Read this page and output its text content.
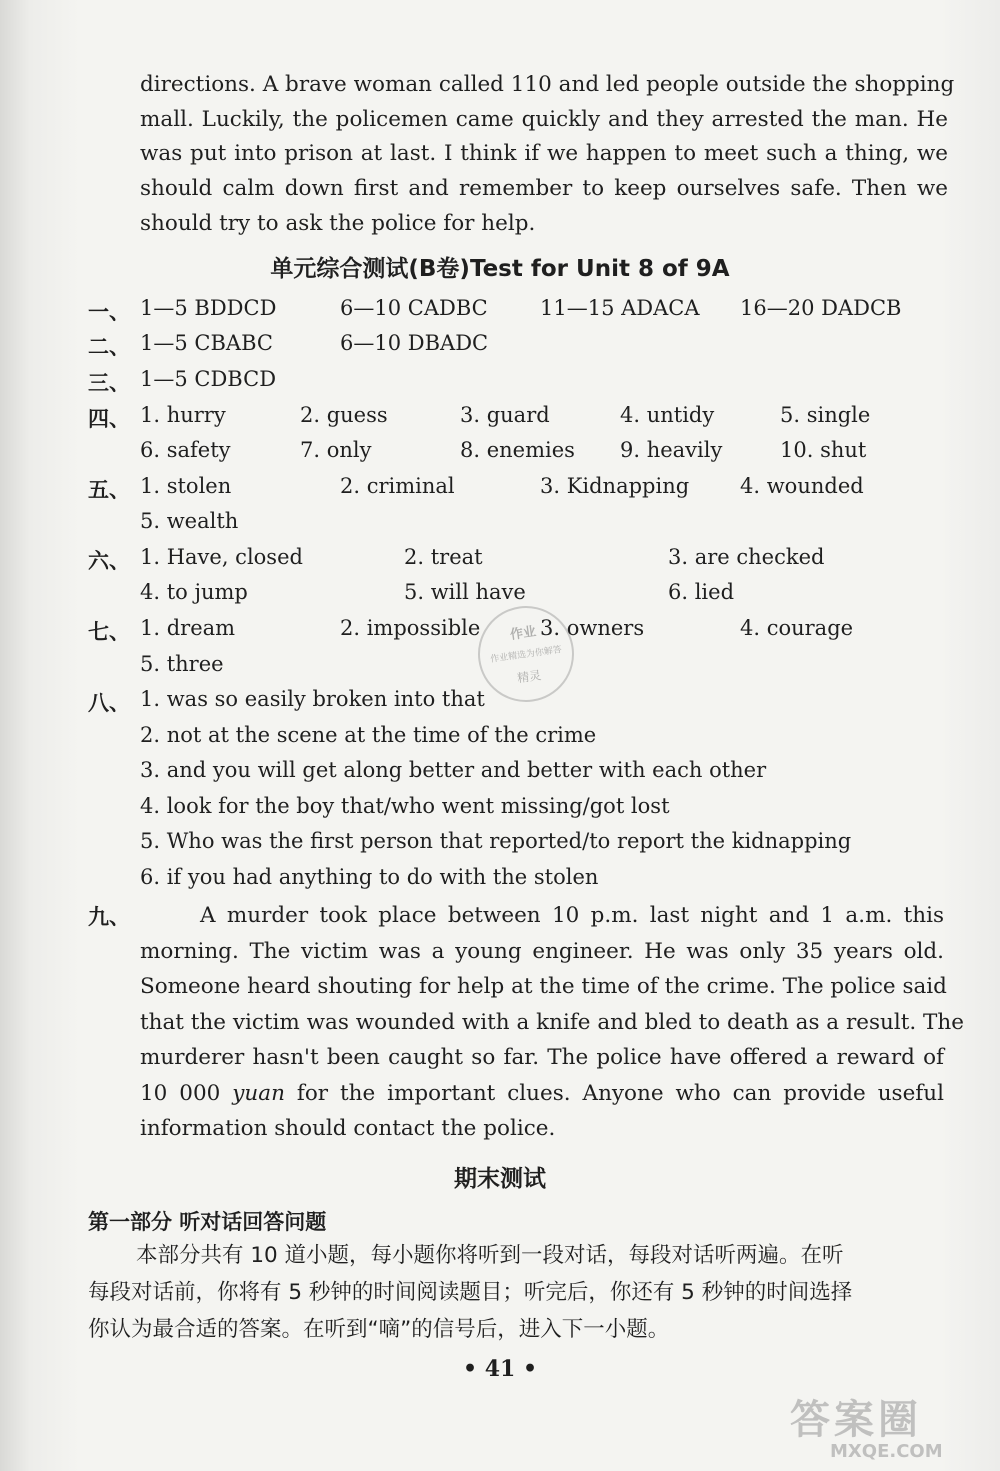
directions. A brave woman called 110 and led people outside the shopping
mall. Luckily, the policemen came quickly and they arrested the man. He
was put into prison at last. I think if we happen to meet such a thing, we
should calm down first and remember to keep ourselves safe. Then we
should try to ask the police for help.
单元综合测试(B卷)Test for Unit 8 of 9A
一、 1—5 BDDCD	6—10 CADBC 11—15 ADACA 16—20 DADCB
二、 1—5 CBABC	6—10 DBADC
三、 1—5 CDBCD
四、 1. hurry	2. guess	3. guard	4. untidy	5. single
6. safety	7. only	8. enemies 9. heavily	10. shut
五、 1. stolen	2. criminal	3. Kidnapping 4. wounded
5. wealth
六、 1. Have, closed	2. treat	3. are checked
4. to jump	5. will have	6. lied
七、 1. dream	2. impossible	3. owners	4. courage
5. three
作业
作业精选为你解答
精灵
八、 1. was so easily broken into that
2. not at the scene at the time of the crime
3. and you will get along better and better with each other
4. look for the boy that/who went missing/got lost
5. Who was the first person that reported/to report the kidnapping
6. if you had anything to do with the stolen
九、	A murder took place between 10 p.m. last night and 1 a.m. this
morning. The victim was a young engineer. He was only 35 years old.
Someone heard shouting for help at the time of the crime. The police said
that the victim was wounded with a knife and bled to death as a result. The
murderer hasn't been caught so far. The police have offered a reward of
10 000 yuan for the important clues. Anyone who can provide useful
information should contact the police.
期末测试
第一部分 听对话回答问题
本部分共有 10 道小题，每小题你将听到一段对话，每段对话听两遍。在听
每段对话前，你将有 5 秒钟的时间阅读题目；听完后，你还有 5 秒钟的时间选择
你认为最合适的答案。在听到“嘀”的信号后，进入下一小题。
• 41 •
答案圈
MXQE.COM
